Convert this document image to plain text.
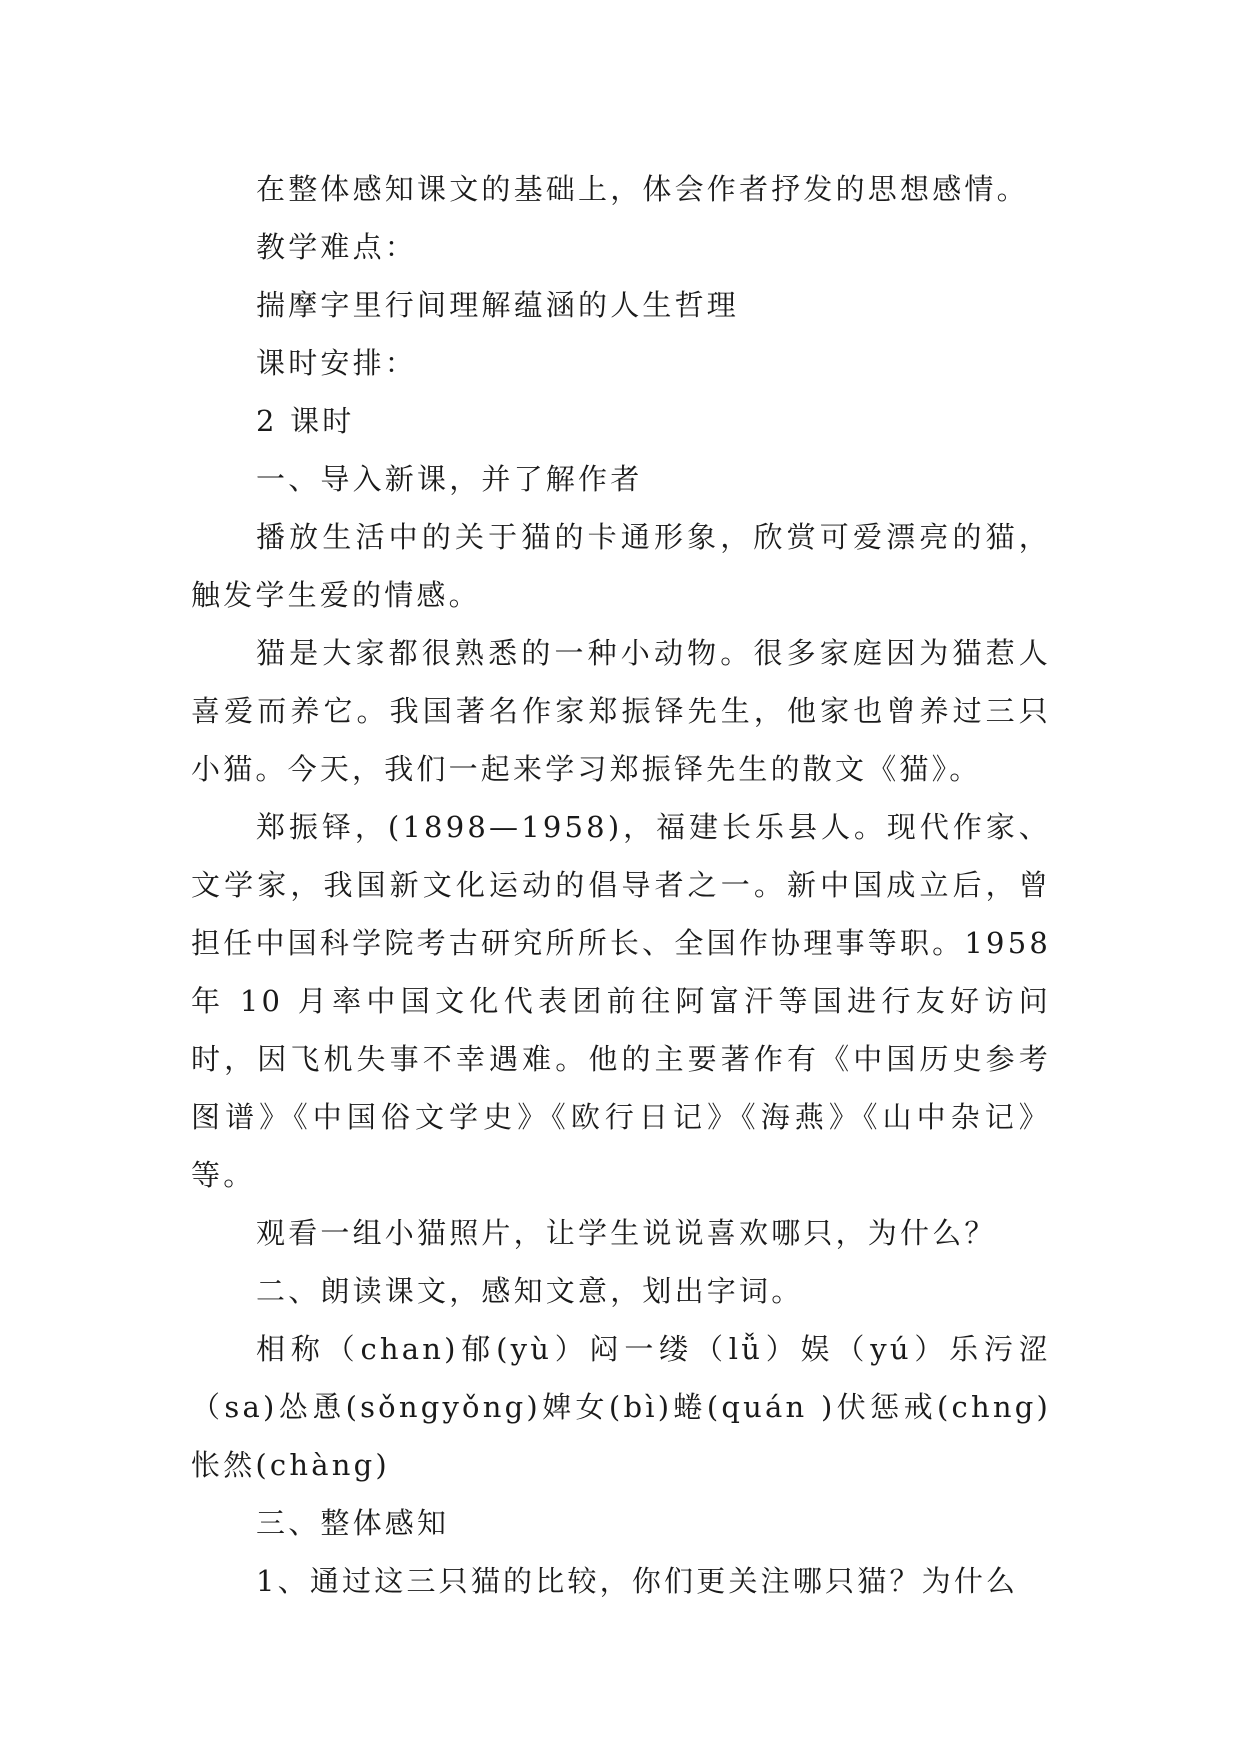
在整体感知课文的基础上，体会作者抒发的思想感情。

教学难点：

揣摩字里行间理解蕴涵的人生哲理

课时安排：

2 课时

一、导入新课，并了解作者

播放生活中的关于猫的卡通形象，欣赏可爱漂亮的猫，触发学生爱的情感。

猫是大家都很熟悉的一种小动物。很多家庭因为猫惹人喜爱而养它。我国著名作家郑振铎先生，他家也曾养过三只小猫。今天，我们一起来学习郑振铎先生的散文《猫》。

郑振铎，(1898—1958)，福建长乐县人。现代作家、文学家，我国新文化运动的倡导者之一。新中国成立后，曾担任中国科学院考古研究所所长、全国作协理事等职。1958 年 10 月率中国文化代表团前往阿富汗等国进行友好访问时，因飞机失事不幸遇难。他的主要著作有《中国历史参考图谱》《中国俗文学史》《欧行日记》《海燕》《山中杂记》 等。

观看一组小猫照片，让学生说说喜欢哪只，为什么？

二、朗读课文，感知文意，划出字词。

相称（chan)郁(yù）闷一缕（lǚ）娱（yú）乐污涩（sa)怂恿(sǒngyǒng)婢女(bì)蜷(quán )伏惩戒(chng)怅然(chàng)

三、整体感知

1、通过这三只猫的比较，你们更关注哪只猫？为什么
